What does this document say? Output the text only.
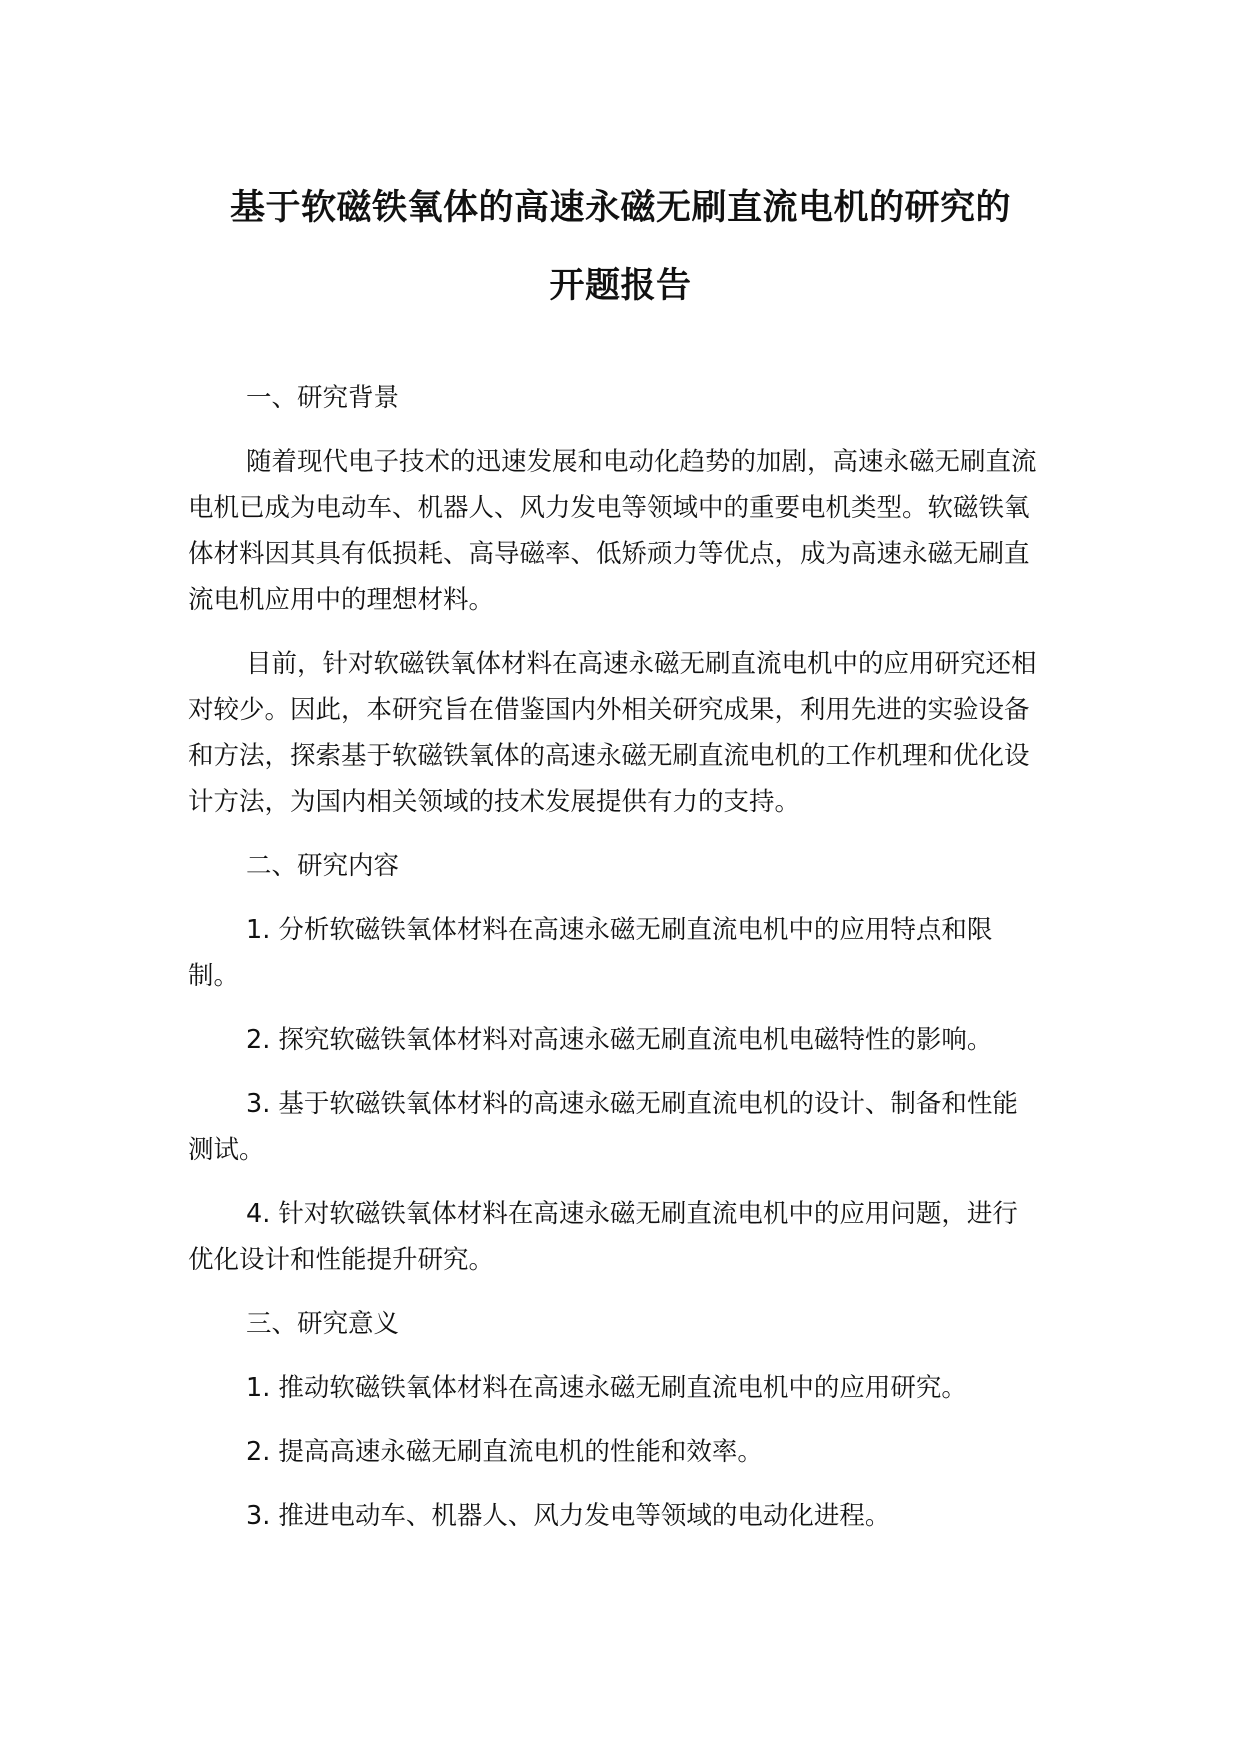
基于软磁铁氧体的高速永磁无刷直流电机的研究的
开题报告

一、研究背景

随着现代电子技术的迅速发展和电动化趋势的加剧，高速永磁无刷直流电机已成为电动车、机器人、风力发电等领域中的重要电机类型。软磁铁氧体材料因其具有低损耗、高导磁率、低矫顽力等优点，成为高速永磁无刷直流电机应用中的理想材料。

目前，针对软磁铁氧体材料在高速永磁无刷直流电机中的应用研究还相对较少。因此，本研究旨在借鉴国内外相关研究成果，利用先进的实验设备和方法，探索基于软磁铁氧体的高速永磁无刷直流电机的工作机理和优化设计方法，为国内相关领域的技术发展提供有力的支持。

二、研究内容

1. 分析软磁铁氧体材料在高速永磁无刷直流电机中的应用特点和限制。

2. 探究软磁铁氧体材料对高速永磁无刷直流电机电磁特性的影响。

3. 基于软磁铁氧体材料的高速永磁无刷直流电机的设计、制备和性能测试。

4. 针对软磁铁氧体材料在高速永磁无刷直流电机中的应用问题，进行优化设计和性能提升研究。

三、研究意义

1. 推动软磁铁氧体材料在高速永磁无刷直流电机中的应用研究。

2. 提高高速永磁无刷直流电机的性能和效率。

3. 推进电动车、机器人、风力发电等领域的电动化进程。
